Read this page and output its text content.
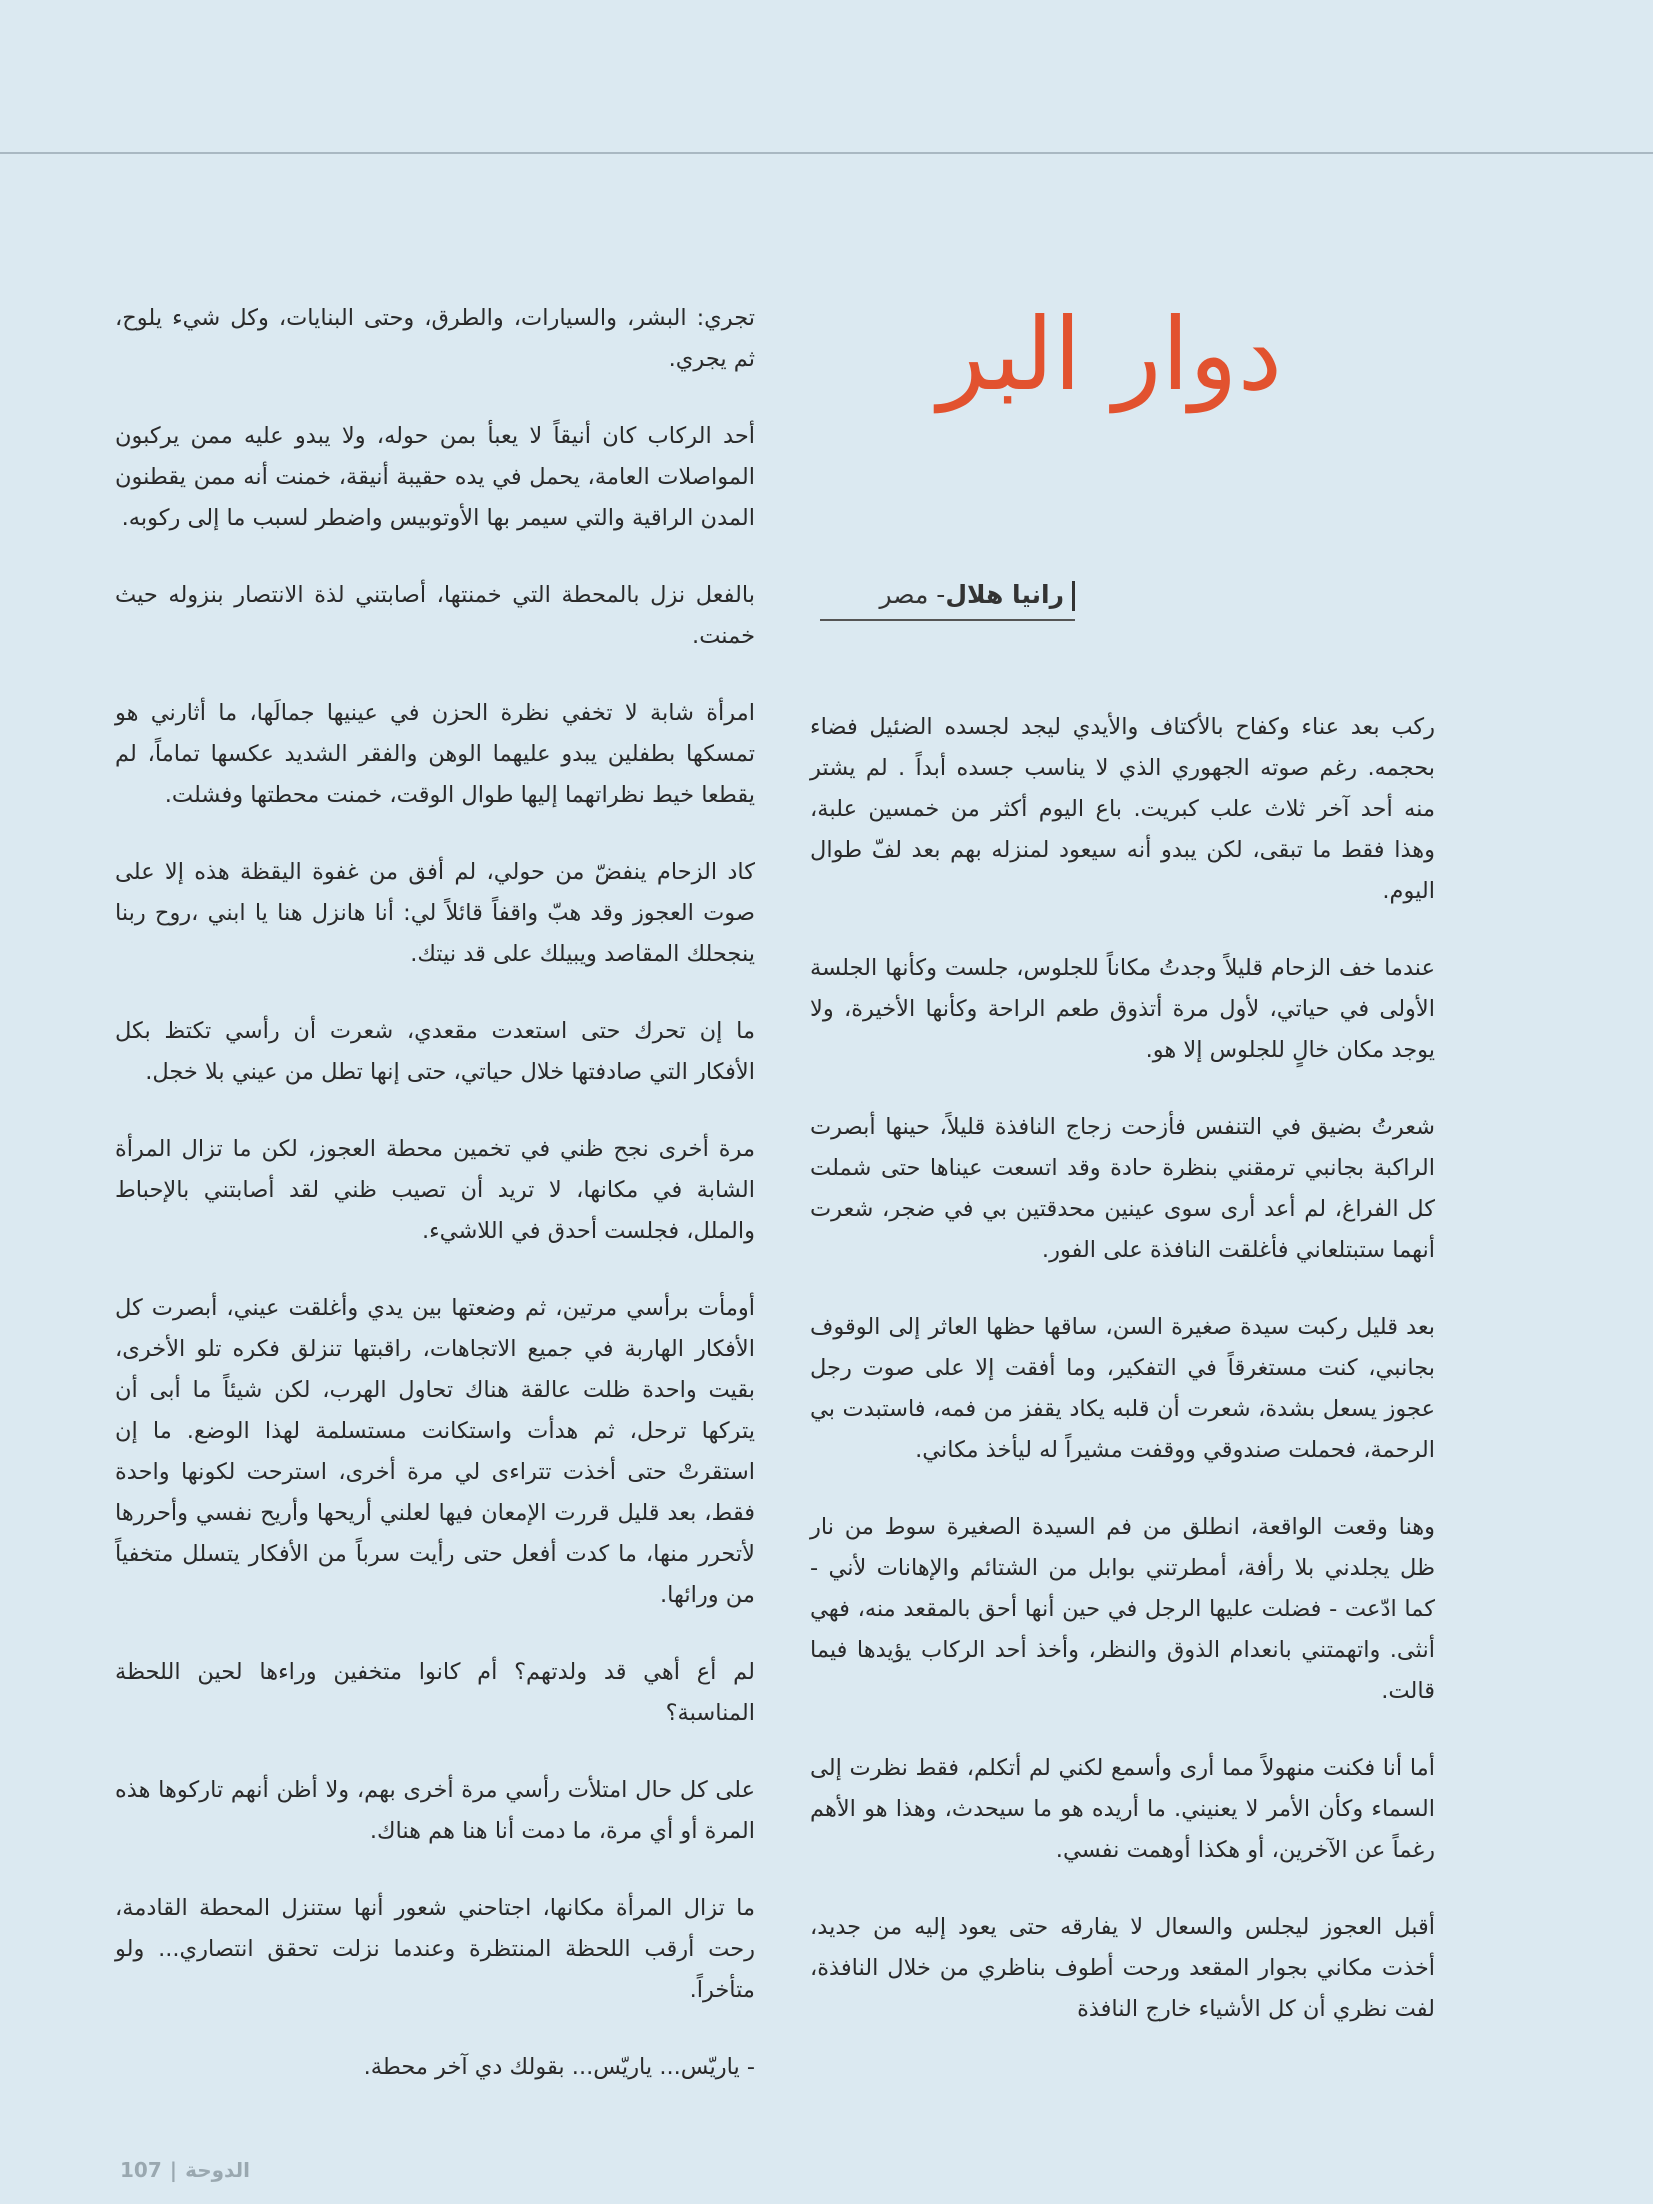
دوار البر
رانيا هلال- مصر

ركب بعد عناء وكفاح بالأكتاف والأيدي ليجد لجسده الضئيل فضاء بحجمه. رغم صوته الجهوري الذي لا يناسب جسده أبداً . لم يشتر منه أحد آخر ثلاث علب كبريت. باع اليوم أكثر من خمسين علبة، وهذا فقط ما تبقى، لكن يبدو أنه سيعود لمنزله بهم بعد لفّ طوال اليوم.

عندما خف الزحام قليلاً وجدتُ مكاناً للجلوس، جلست وكأنها الجلسة الأولى في حياتي، لأول مرة أتذوق طعم الراحة وكأنها الأخيرة، ولا يوجد مكان خالٍ للجلوس إلا هو.

شعرتُ بضيق في التنفس فأزحت زجاج النافذة قليلاً، حينها أبصرت الراكبة بجانبي ترمقني بنظرة حادة وقد اتسعت عيناها حتى شملت كل الفراغ، لم أعد أرى سوى عينين محدقتين بي في ضجر، شعرت أنهما ستبتلعاني فأغلقت النافذة على الفور.

بعد قليل ركبت سيدة صغيرة السن، ساقها حظها العاثر إلى الوقوف بجانبي، كنت مستغرقاً في التفكير، وما أفقت إلا على صوت رجل عجوز يسعل بشدة، شعرت أن قلبه يكاد يقفز من فمه، فاستبدت بي الرحمة، فحملت صندوقي ووقفت مشيراً له ليأخذ مكاني.

وهنا وقعت الواقعة، انطلق من فم السيدة الصغيرة سوط من نار ظل يجلدني بلا رأفة، أمطرتني بوابل من الشتائم والإهانات لأني - كما ادّعت - فضلت عليها الرجل في حين أنها أحق بالمقعد منه، فهي أنثى. واتهمتني بانعدام الذوق والنظر، وأخذ أحد الركاب يؤيدها فيما قالت.

أما أنا فكنت منهولاً مما أرى وأسمع لكني لم أتكلم، فقط نظرت إلى السماء وكأن الأمر لا يعنيني. ما أريده هو ما سيحدث، وهذا هو الأهم رغماً عن الآخرين، أو هكذا أوهمت نفسي.

أقبل العجوز ليجلس والسعال لا يفارقه حتى يعود إليه من جديد، أخذت مكاني بجوار المقعد ورحت أطوف بناظري من خلال النافذة، لفت نظري أن كل الأشياء خارج النافذة

تجري: البشر، والسيارات، والطرق، وحتى البنايات، وكل شيء يلوح، ثم يجري.

أحد الركاب كان أنيقاً لا يعبأ بمن حوله، ولا يبدو عليه ممن يركبون المواصلات العامة، يحمل في يده حقيبة أنيقة، خمنت أنه ممن يقطنون المدن الراقية والتي سيمر بها الأوتوبيس واضطر لسبب ما إلى ركوبه.

بالفعل نزل بالمحطة التي خمنتها، أصابتني لذة الانتصار بنزوله حيث خمنت.

امرأة شابة لا تخفي نظرة الحزن في عينيها جمالَها، ما أثارني هو تمسكها بطفلين يبدو عليهما الوهن والفقر الشديد عكسها تماماً، لم يقطعا خيط نظراتهما إليها طوال الوقت، خمنت محطتها وفشلت.

كاد الزحام ينفضّ من حولي، لم أفق من غفوة اليقظة هذه إلا على صوت العجوز وقد هبّ واقفاً قائلاً لي: أنا هانزل هنا يا ابني ،روح ربنا ينجحلك المقاصد ويبيلك على قد نيتك.

ما إن تحرك حتى استعدت مقعدي، شعرت أن رأسي تكتظ بكل الأفكار التي صادفتها خلال حياتي، حتى إنها تطل من عيني بلا خجل.

مرة أخرى نجح ظني في تخمين محطة العجوز، لكن ما تزال المرأة الشابة في مكانها، لا تريد أن تصيب ظني لقد أصابتني بالإحباط والملل، فجلست أحدق في اللاشيء.

أومأت برأسي مرتين، ثم وضعتها بين يدي وأغلقت عيني، أبصرت كل الأفكار الهاربة في جميع الاتجاهات، راقبتها تنزلق فكره تلو الأخرى، بقيت واحدة ظلت عالقة هناك تحاول الهرب، لكن شيئاً ما أبى أن يتركها ترحل، ثم هدأت واستكانت مستسلمة لهذا الوضع. ما إن استقرتْ حتى أخذت تتراءى لي مرة أخرى، استرحت لكونها واحدة فقط، بعد قليل قررت الإمعان فيها لعلني أريحها وأريح نفسي وأحررها لأتحرر منها، ما كدت أفعل حتى رأيت سرباً من الأفكار يتسلل متخفياً من ورائها.

لم أع أهي قد ولدتهم؟ أم كانوا متخفين وراءها لحين اللحظة المناسبة؟

على كل حال امتلأت رأسي مرة أخرى بهم، ولا أظن أنهم تاركوها هذه المرة أو أي مرة، ما دمت أنا هنا هم هناك.

ما تزال المرأة مكانها، اجتاحني شعور أنها ستنزل المحطة القادمة، رحت أرقب اللحظة المنتظرة وعندما نزلت تحقق انتصاري... ولو متأخراً.

- ياريّس... ياريّس... بقولك دي آخر محطة.

107 | الدوحة
